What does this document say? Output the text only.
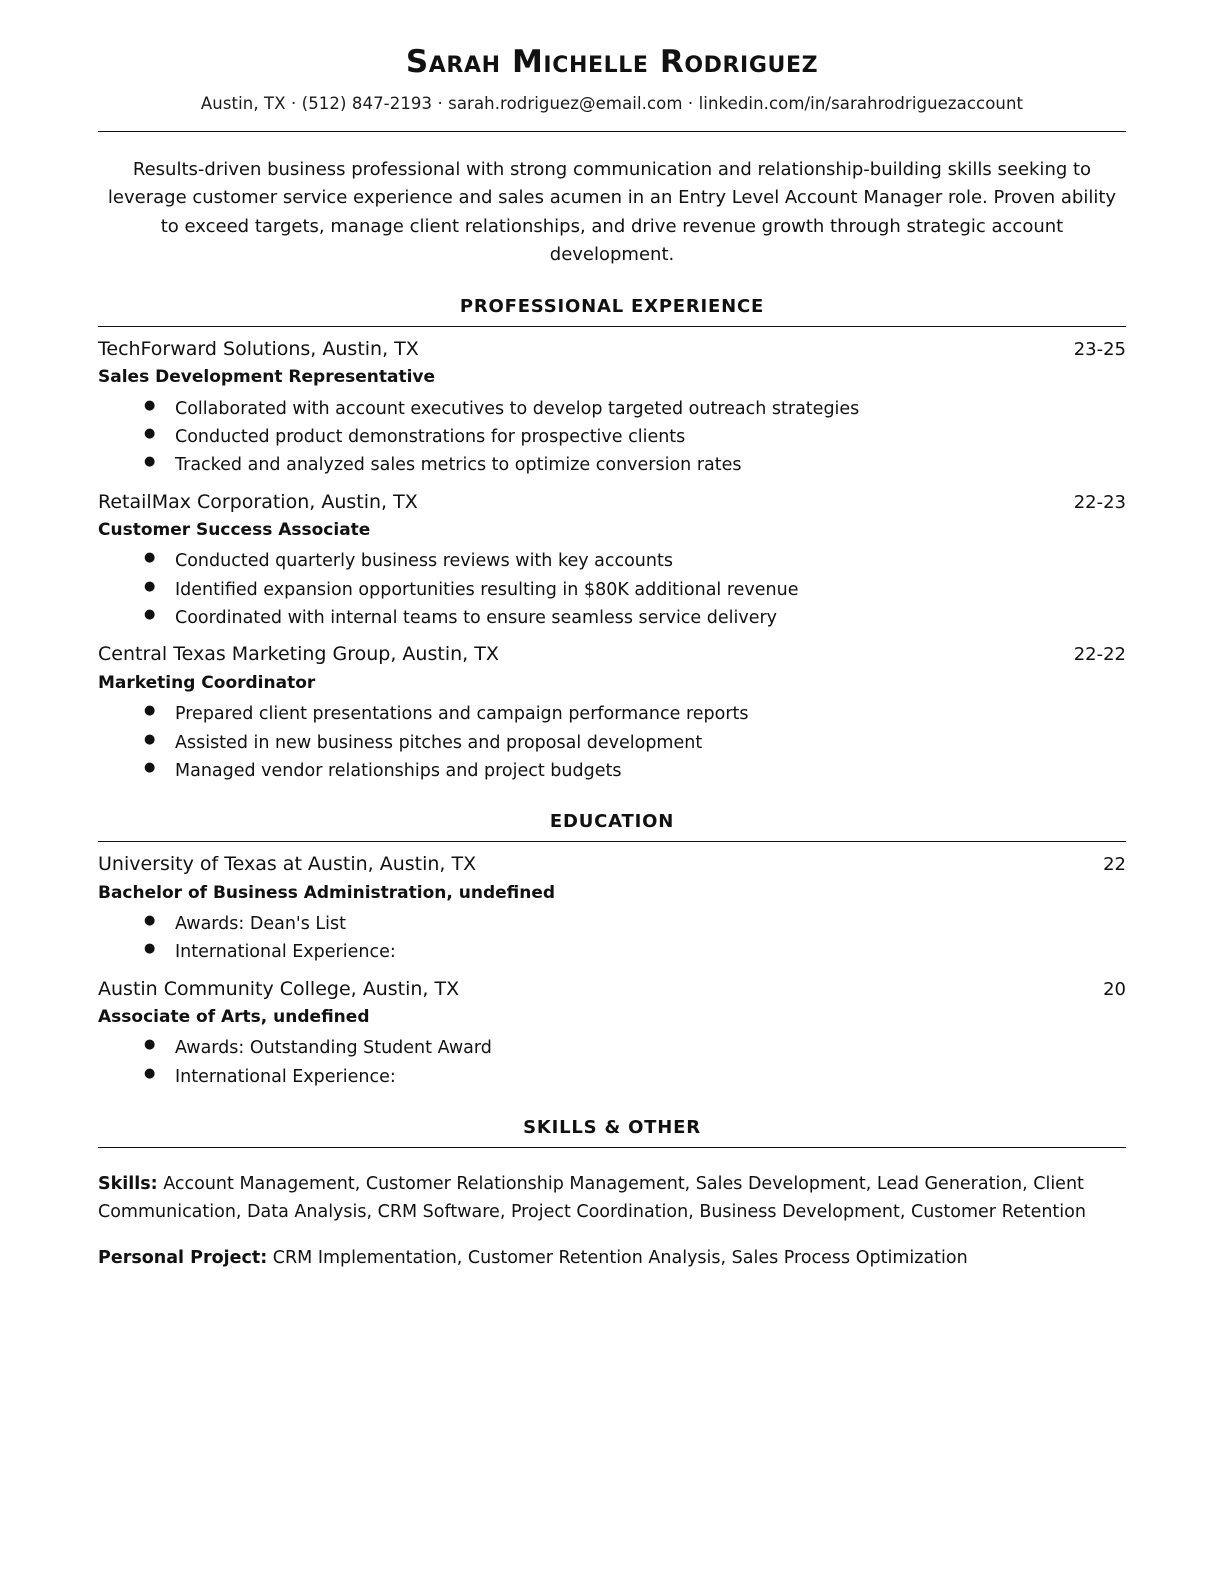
Sarah Michelle Rodriguez
Austin, TX · (512) 847-2193 · sarah.rodriguez@email.com · linkedin.com/in/sarahrodriguezaccount

Results-driven business professional with strong communication and relationship-building skills seeking to leverage customer service experience and sales acumen in an Entry Level Account Manager role. Proven ability to exceed targets, manage client relationships, and drive revenue growth through strategic account development.

PROFESSIONAL EXPERIENCE
TechForward Solutions, Austin, TX	23-25
Sales Development Representative
● Collaborated with account executives to develop targeted outreach strategies
● Conducted product demonstrations for prospective clients
● Tracked and analyzed sales metrics to optimize conversion rates
RetailMax Corporation, Austin, TX	22-23
Customer Success Associate
● Conducted quarterly business reviews with key accounts
● Identified expansion opportunities resulting in $80K additional revenue
● Coordinated with internal teams to ensure seamless service delivery
Central Texas Marketing Group, Austin, TX	22-22
Marketing Coordinator
● Prepared client presentations and campaign performance reports
● Assisted in new business pitches and proposal development
● Managed vendor relationships and project budgets
EDUCATION
University of Texas at Austin, Austin, TX	22
Bachelor of Business Administration, undefined
● Awards: Dean's List
● International Experience:
Austin Community College, Austin, TX	20
Associate of Arts, undefined
● Awards: Outstanding Student Award
● International Experience:
SKILLS & OTHER

Skills: Account Management, Customer Relationship Management, Sales Development, Lead Generation, Client Communication, Data Analysis, CRM Software, Project Coordination, Business Development, Customer Retention

Personal Project: CRM Implementation, Customer Retention Analysis, Sales Process Optimization
